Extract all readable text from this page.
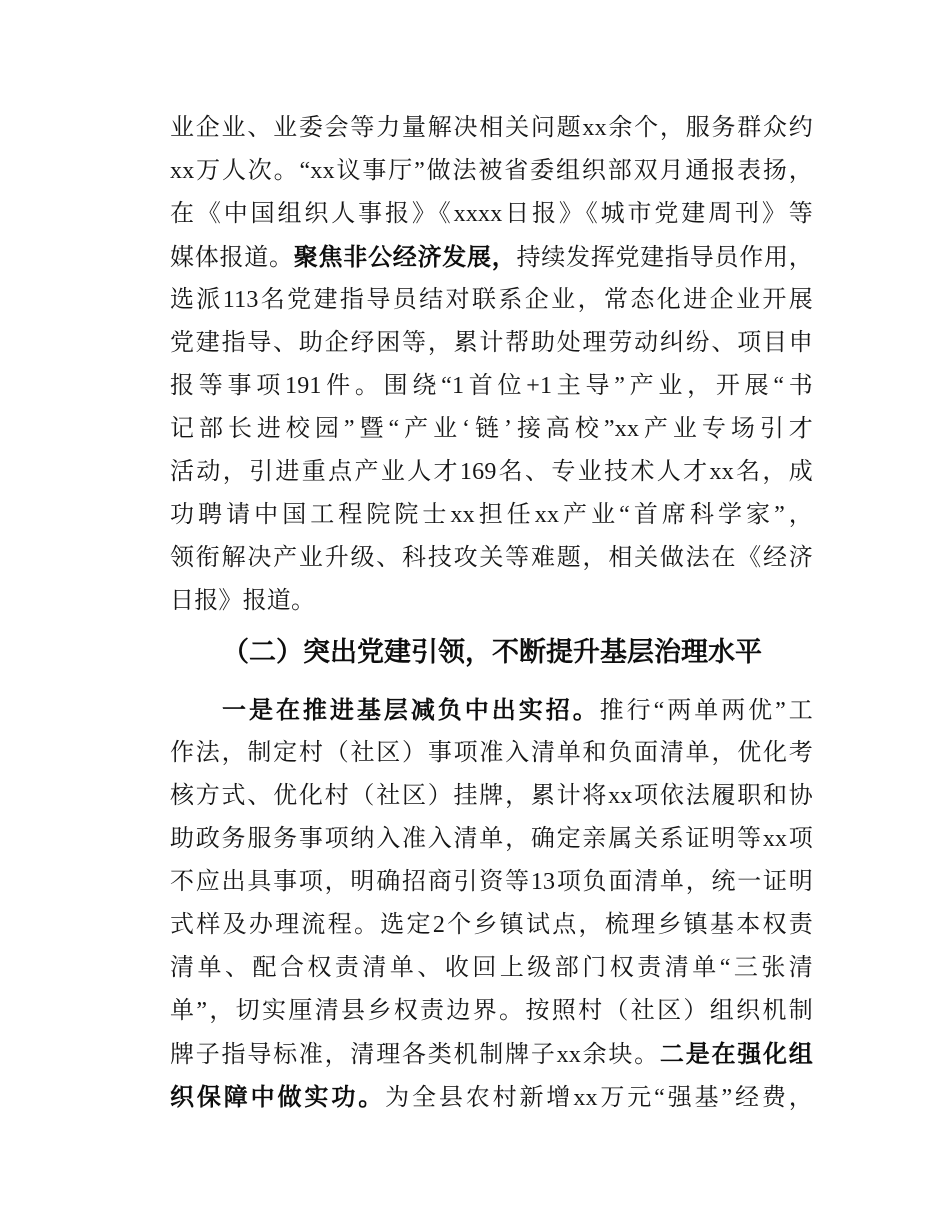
业企业、业委会等力量解决相关问题xx余个，服务群众约
xx万人次。“xx议事厅”做法被省委组织部双月通报表扬，
在《中国组织人事报》《xxxx日报》《城市党建周刊》等
媒体报道。聚焦非公经济发展，持续发挥党建指导员作用，
选派113名党建指导员结对联系企业，常态化进企业开展
党建指导、助企纾困等，累计帮助处理劳动纠纷、项目申
报等事项191件。围绕“1首位+1主导”产业，开展“书
记部长进校园”暨“产业‘链’接高校”xx产业专场引才
活动，引进重点产业人才169名、专业技术人才xx名，成
功聘请中国工程院院士xx担任xx产业“首席科学家”，
领衔解决产业升级、科技攻关等难题，相关做法在《经济
日报》报道。
（二）突出党建引领，不断提升基层治理水平
一是在推进基层减负中出实招。推行“两单两优”工
作法，制定村（社区）事项准入清单和负面清单，优化考
核方式、优化村（社区）挂牌，累计将xx项依法履职和协
助政务服务事项纳入准入清单，确定亲属关系证明等xx项
不应出具事项，明确招商引资等13项负面清单，统一证明
式样及办理流程。选定2个乡镇试点，梳理乡镇基本权责
清单、配合权责清单、收回上级部门权责清单“三张清
单”，切实厘清县乡权责边界。按照村（社区）组织机制
牌子指导标准，清理各类机制牌子xx余块。二是在强化组
织保障中做实功。为全县农村新增xx万元“强基”经费，
